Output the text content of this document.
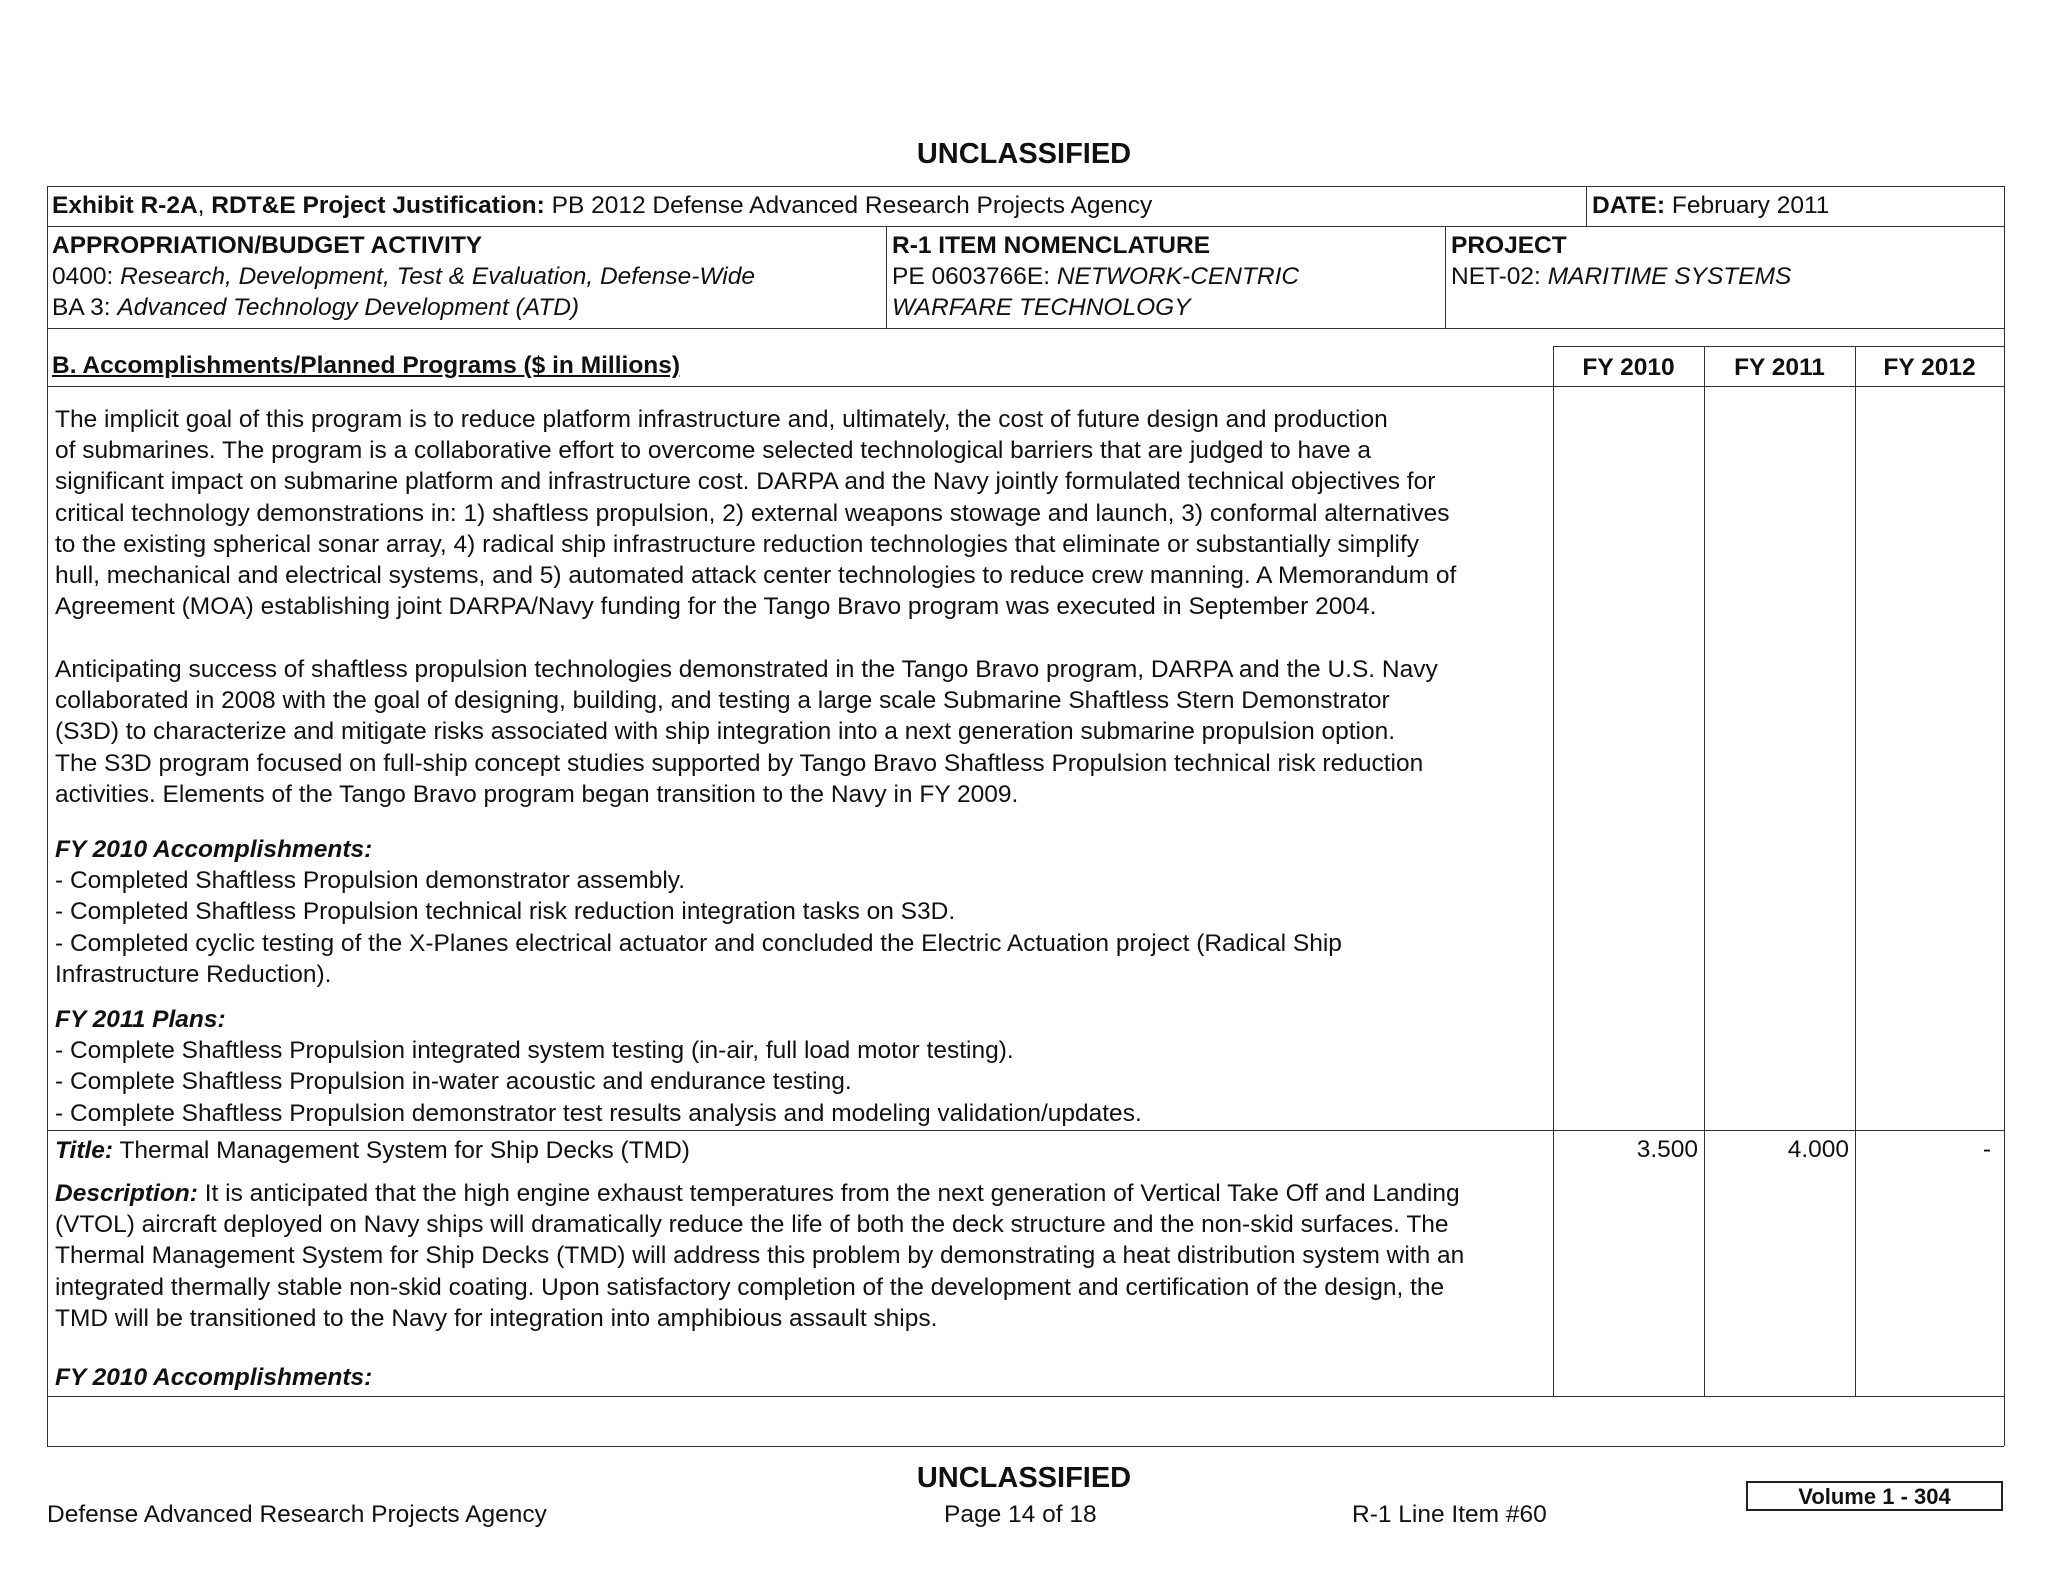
UNCLASSIFIED
Exhibit R-2A, RDT&E Project Justification: PB 2012 Defense Advanced Research Projects Agency	DATE: February 2011
APPROPRIATION/BUDGET ACTIVITY
0400: Research, Development, Test & Evaluation, Defense-Wide
BA 3: Advanced Technology Development (ATD)
R-1 ITEM NOMENCLATURE
PE 0603766E: NETWORK-CENTRIC
WARFARE TECHNOLOGY
PROJECT
NET-02: MARITIME SYSTEMS
B. Accomplishments/Planned Programs ($ in Millions)	FY 2010	FY 2011	FY 2012

The implicit goal of this program is to reduce platform infrastructure and, ultimately, the cost of future design and production

of submarines. The program is a collaborative effort to overcome selected technological barriers that are judged to have a

significant impact on submarine platform and infrastructure cost. DARPA and the Navy jointly formulated technical objectives for

critical technology demonstrations in: 1) shaftless propulsion, 2) external weapons stowage and launch, 3) conformal alternatives

to the existing spherical sonar array, 4) radical ship infrastructure reduction technologies that eliminate or substantially simplify

hull, mechanical and electrical systems, and 5) automated attack center technologies to reduce crew manning. A Memorandum of

Agreement (MOA) establishing joint DARPA/Navy funding for the Tango Bravo program was executed in September 2004.

Anticipating success of shaftless propulsion technologies demonstrated in the Tango Bravo program, DARPA and the U.S. Navy

collaborated in 2008 with the goal of designing, building, and testing a large scale Submarine Shaftless Stern Demonstrator

(S3D) to characterize and mitigate risks associated with ship integration into a next generation submarine propulsion option.

The S3D program focused on full-ship concept studies supported by Tango Bravo Shaftless Propulsion technical risk reduction

activities. Elements of the Tango Bravo program began transition to the Navy in FY 2009.

FY 2010 Accomplishments:

- Completed Shaftless Propulsion demonstrator assembly.

- Completed Shaftless Propulsion technical risk reduction integration tasks on S3D.

- Completed cyclic testing of the X-Planes electrical actuator and concluded the Electric Actuation project (Radical Ship

Infrastructure Reduction).

FY 2011 Plans:

- Complete Shaftless Propulsion integrated system testing (in-air, full load motor testing).

- Complete Shaftless Propulsion in-water acoustic and endurance testing.

- Complete Shaftless Propulsion demonstrator test results analysis and modeling validation/updates.

Title: Thermal Management System for Ship Decks (TMD)	3.500	4.000	-

Description: It is anticipated that the high engine exhaust temperatures from the next generation of Vertical Take Off and Landing

(VTOL) aircraft deployed on Navy ships will dramatically reduce the life of both the deck structure and the non-skid surfaces. The

Thermal Management System for Ship Decks (TMD) will address this problem by demonstrating a heat distribution system with an

integrated thermally stable non-skid coating. Upon satisfactory completion of the development and certification of the design, the

TMD will be transitioned to the Navy for integration into amphibious assault ships.

FY 2010 Accomplishments:
UNCLASSIFIED
Defense Advanced Research Projects Agency	Page 14 of 18	R-1 Line Item #60
Volume 1 - 304
